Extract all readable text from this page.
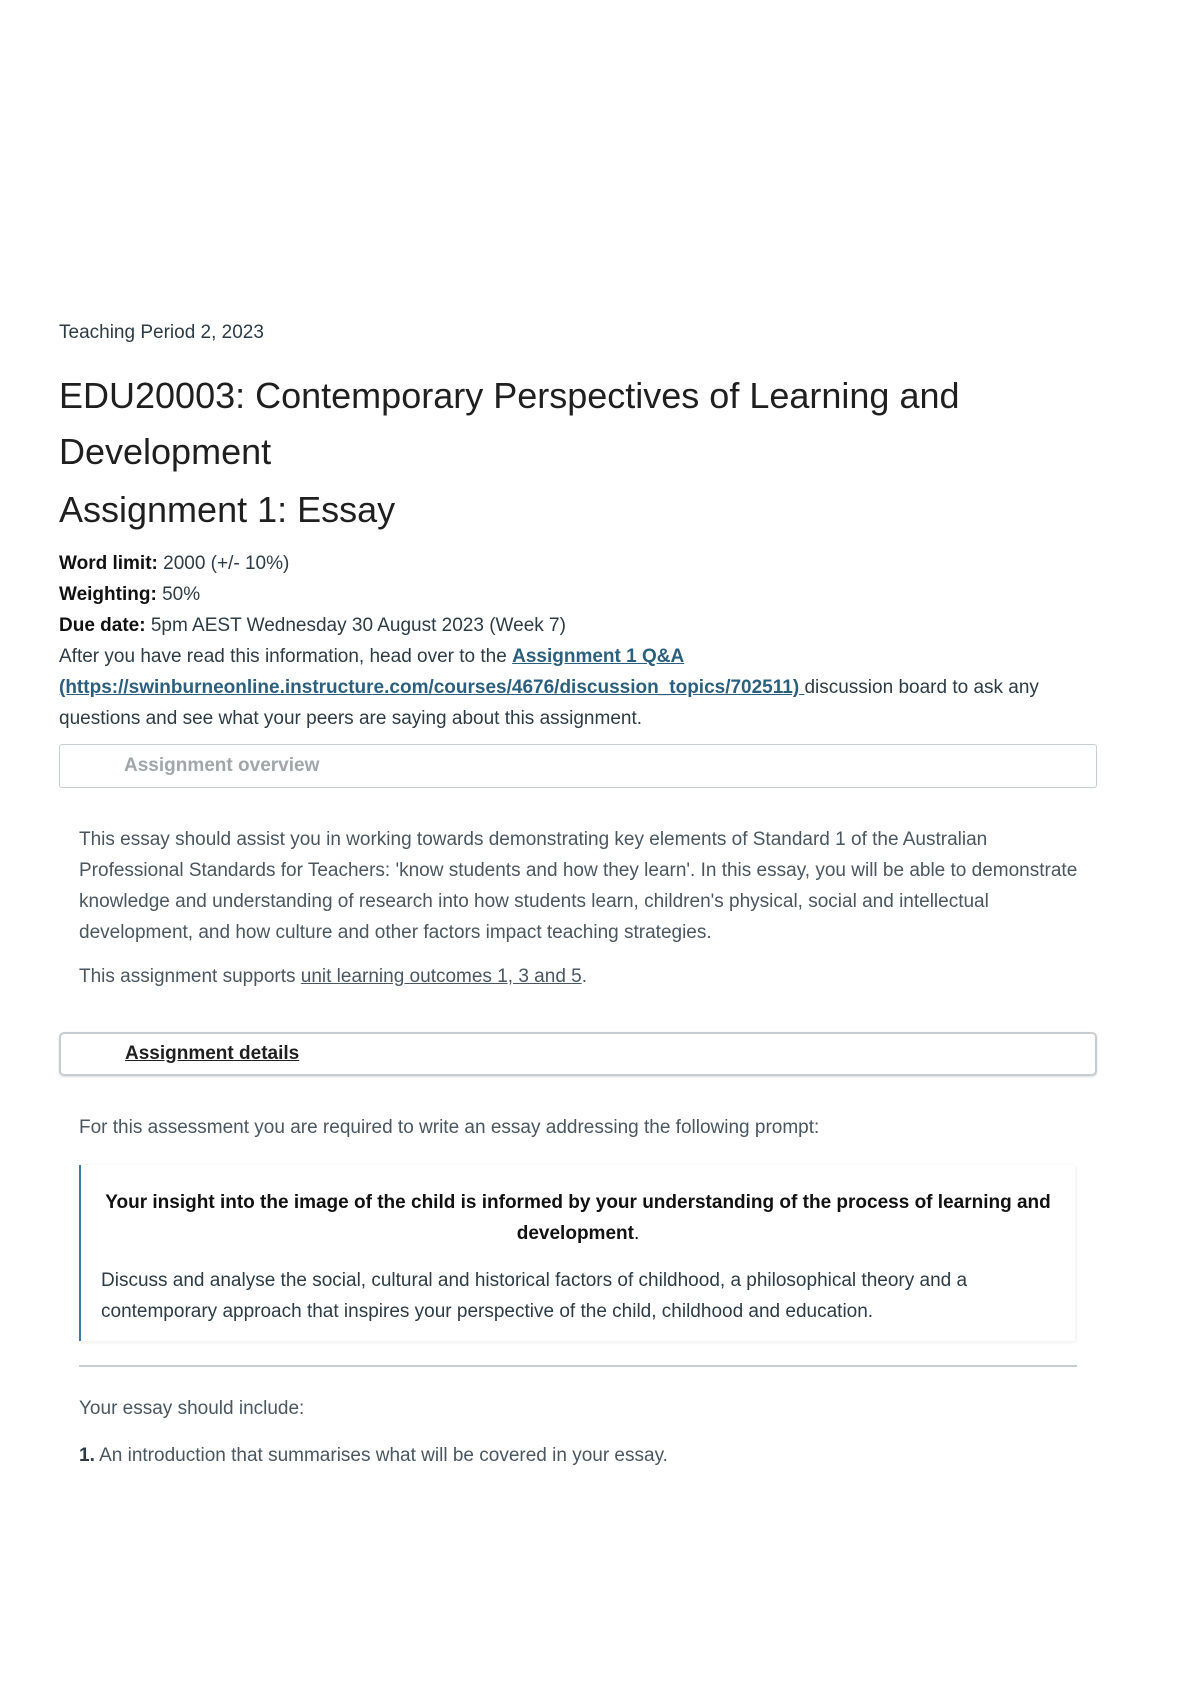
Teaching Period 2, 2023
EDU20003: Contemporary Perspectives of Learning and
Development
Assignment 1: Essay
Word limit: 2000 (+/- 10%)
Weighting: 50%
Due date: 5pm AEST Wednesday 30 August 2023 (Week 7)
After you have read this information, head over to the Assignment 1 Q&A
(https://swinburneonline.instructure.com/courses/4676/discussion_topics/702511) discussion board to ask any questions and see what your peers are saying about this assignment.
Assignment overview

This essay should assist you in working towards demonstrating key elements of Standard 1 of the Australian Professional Standards for Teachers: 'know students and how they learn'. In this essay, you will be able to demonstrate knowledge and understanding of research into how students learn, children's physical, social and intellectual development, and how culture and other factors impact teaching strategies.

This assignment supports unit learning outcomes 1, 3 and 5.

Assignment details

For this assessment you are required to write an essay addressing the following prompt:

Your insight into the image of the child is informed by your understanding of the process of learning and development.

Discuss and analyse the social, cultural and historical factors of childhood, a philosophical theory and a contemporary approach that inspires your perspective of the child, childhood and education.

Your essay should include:

1. An introduction that summarises what will be covered in your essay.
